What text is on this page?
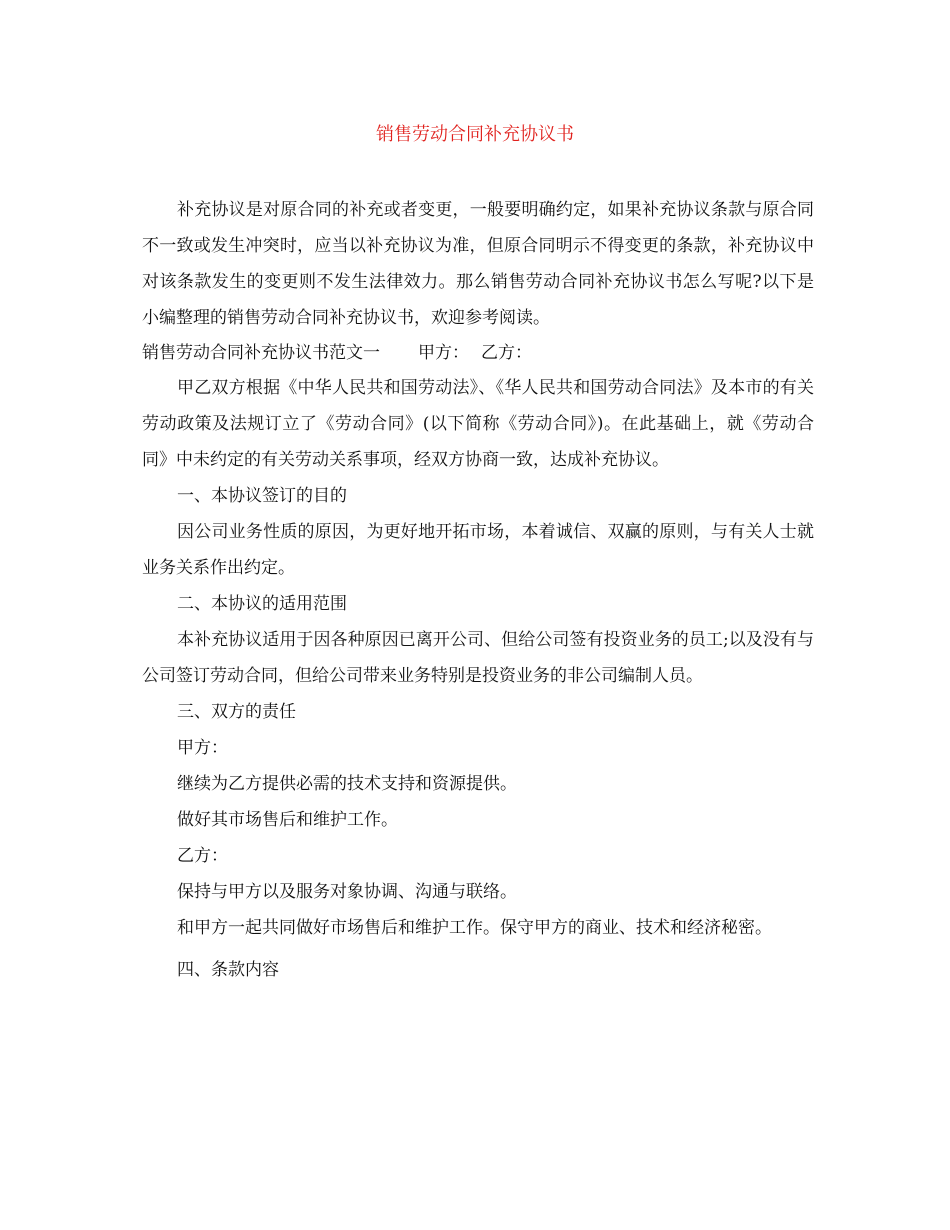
销售劳动合同补充协议书

补充协议是对原合同的补充或者变更，一般要明确约定，如果补充协议条款与原合同不一致或发生冲突时，应当以补充协议为准，但原合同明示不得变更的条款，补充协议中对该条款发生的变更则不发生法律效力。那么销售劳动合同补充协议书怎么写呢?以下是小编整理的销售劳动合同补充协议书，欢迎参考阅读。

销售劳动合同补充协议书范文一 甲方： 乙方：

甲乙双方根据《中华人民共和国劳动法》、《华人民共和国劳动合同法》及本市的有关劳动政策及法规订立了《劳动合同》(以下简称《劳动合同》)。在此基础上，就《劳动合同》中未约定的有关劳动关系事项，经双方协商一致，达成补充协议。

一、本协议签订的目的

因公司业务性质的原因，为更好地开拓市场，本着诚信、双赢的原则，与有关人士就业务关系作出约定。

二、本协议的适用范围

本补充协议适用于因各种原因已离开公司、但给公司签有投资业务的员工;以及没有与公司签订劳动合同，但给公司带来业务特别是投资业务的非公司编制人员。

三、双方的责任

甲方：

继续为乙方提供必需的技术支持和资源提供。

做好其市场售后和维护工作。

乙方：

保持与甲方以及服务对象协调、沟通与联络。

和甲方一起共同做好市场售后和维护工作。保守甲方的商业、技术和经济秘密。

四、条款内容
